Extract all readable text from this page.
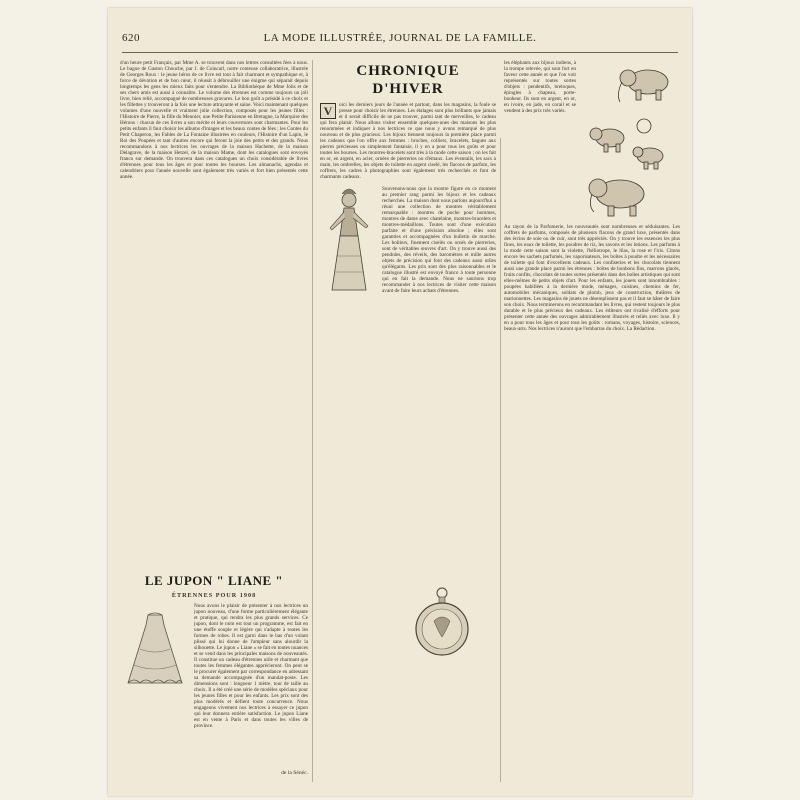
620	LA MODE ILLUSTRÉE, JOURNAL DE LA FAMILLE.
d'un heure petit Français, par Mme A. se trouvent dans nos lettres consultées fées à nous. Le bague de Gaston Chouche, par J. de Coincarl, notre conteuse collaboratrice, illustrée de Georges Roux : le jeune héros de ce livre est tout à fait charmant et sympathique et, à force de dévotion et de bon cœur, il réussit à débrouiller une énigme qui séparait depuis longtemps les gens les mieux faits pour s'entendre. La Bibliothèque de Mme Jolis et de ses chers amis est aussi à connaître. Le volume des étrennes est comme toujours un joli livre, bien relié, accompagné de nombreuses gravures. Le bon goût a présidé à ce choix et les fillettes y trouveront à la fois une lecture attrayante et saine. Voici maintenant quelques volumes d'une nouvelle et vraiment jolie collection, composés pour les jeunes filles : l'Histoire de Pierre, la fille du Meunier, une Petite Parisienne en Bretagne, la Marquise des Hérons : chacun de ces livres a son mérite et leurs couvertures sont charmantes. Pour les petits enfants il faut choisir les albums d'images et les beaux contes de fées ; les Contes du Petit Chaperon, les Fables de La Fontaine illustrées en couleurs, l'Histoire d'un Lapin, le Roi des Poupées et tant d'autres encore qui feront la joie des petits et des grands. Nous recommandons à nos lectrices les ouvrages de la maison Hachette, de la maison Delagrave, de la maison Hetzel, de la maison Mame, dont les catalogues sont envoyés franco sur demande. On trouvera dans ces catalogues un choix considérable de livres d'étrennes pour tous les âges et pour toutes les bourses. Les almanachs, agendas et calendriers pour l'année nouvelle sont également très variés et fort bien présentés cette année.
LE JUPON " LIANE "
ÉTRENNES POUR 1908
Nous avons le plaisir de présenter à nos lectrices un jupon nouveau, d'une forme particulièrement élégante et pratique, qui rendra les plus grands services. Ce jupon, dont le nom est tout un programme, est fait en une étoffe souple et légère qui s'adapte à toutes les formes de robes. Il est garni dans le bas d'un volant plissé qui lui donne de l'ampleur sans alourdir la silhouette. Le jupon « Liane » se fait en toutes nuances et se vend dans les principales maisons de nouveautés. Il constitue un cadeau d'étrennes utile et charmant que toutes les femmes élégantes apprécieront. On peut se le procurer également par correspondance en adressant sa demande accompagnée d'un mandat-poste. Les dimensions sont : longueur 1 mètre, tour de taille au choix. Il a été créé une série de modèles spéciaux pour les jeunes filles et pour les enfants. Les prix sont des plus modérés et défient toute concurrence. Nous engageons vivement nos lectrices à essayer ce jupon qui leur donnera entière satisfaction. Le jupon Liane est en vente à Paris et dans toutes les villes de province.
de la Sénéc.
CHRONIQUE D'HIVER
V	oici les derniers jours de l'année et partout, dans les magasins, la foule se presse pour choisir les étrennes. Les étalages sont plus brillants que jamais et il serait difficile de ne pas trouver, parmi tant de merveilles, le cadeau qui fera plaisir. Nous allons visiter ensemble quelques-unes des maisons les plus renommées et indiquer à nos lectrices ce que nous y avons remarqué de plus nouveau et de plus gracieux. Les bijoux tiennent toujours la première place parmi les cadeaux que l'on offre aux femmes : broches, colliers, bracelets, bagues aux pierres précieuses ou simplement fantaisie, il y en a pour tous les goûts et pour toutes les bourses. Les montres-bracelets sont très à la mode cette saison ; on les fait en or, en argent, en acier, ornées de pierreries ou d'émaux. Les éventails, les sacs à main, les ombrelles, les objets de toilette en argent ciselé, les flacons de parfum, les coffrets, les cadres à photographies sont également très recherchés et font de charmants cadeaux.
Souvenons-nous que la montre figure en ce moment au premier rang parmi les bijoux et les cadeaux recherchés. La maison dont nous parlons aujourd'hui a réuni une collection de montres véritablement remarquable : montres de poche pour hommes, montres de dame avec chatelaine, montres-bracelets et montres-médaillons. Toutes sont d'une exécution parfaite et d'une précision absolue ; elles sont garanties et accompagnées d'un bulletin de marche. Les boîtiers, finement ciselés ou ornés de pierreries, sont de véritables œuvres d'art. On y trouve aussi des pendules, des réveils, des baromètres et mille autres objets de précision qui font des cadeaux aussi utiles qu'élégants. Les prix sont des plus raisonnables et le catalogue illustré est envoyé franco à toute personne qui en fait la demande. Nous ne saurions trop recommander à nos lectrices de visiter cette maison avant de faire leurs achats d'étrennes.
les éléphants aux bijoux indiens, à la trompe relevée, qui sont fort en faveur cette année et que l'on voit représentés sur toutes sortes d'objets : pendentifs, breloques, épingles à chapeau, porte-bonheur. Ils sont en argent, en or, en ivoire, en jade, en corail et se vendent à des prix très variés.
Au rayon de la Parfumerie, les nouveautés sont nombreuses et séduisantes. Les coffrets de parfums, composés de plusieurs flacons de grand luxe, présentés dans des écrins de soie ou de cuir, sont très appréciés. On y trouve les essences les plus fines, les eaux de toilette, les poudres de riz, les savons et les lotions. Les parfums à la mode cette saison sont la violette, l'héliotrope, le lilas, la rose et l'iris. Citons encore les sachets parfumés, les vaporisateurs, les boîtes à poudre et les nécessaires de toilette qui font d'excellents cadeaux. Les confiseries et les chocolats tiennent aussi une grande place parmi les étrennes : boîtes de bonbons fins, marrons glacés, fruits confits, chocolats de toutes sortes présentés dans des boîtes artistiques qui sont elles-mêmes de petits objets d'art. Pour les enfants, les jouets sont innombrables : poupées habillées à la dernière mode, ménages, cuisines, chemins de fer, automobiles mécaniques, soldats de plomb, jeux de construction, théâtres de marionnettes. Les magasins de jouets ne désemplissent pas et il faut se hâter de faire son choix. Nous terminerons en recommandant les livres, qui restent toujours le plus durable et le plus précieux des cadeaux. Les éditeurs ont rivalisé d'efforts pour présenter cette année des ouvrages admirablement illustrés et reliés avec luxe. Il y en a pour tous les âges et pour tous les goûts : romans, voyages, histoire, sciences, beaux-arts. Nos lectrices n'auront que l'embarras du choix. La Rédaction.
